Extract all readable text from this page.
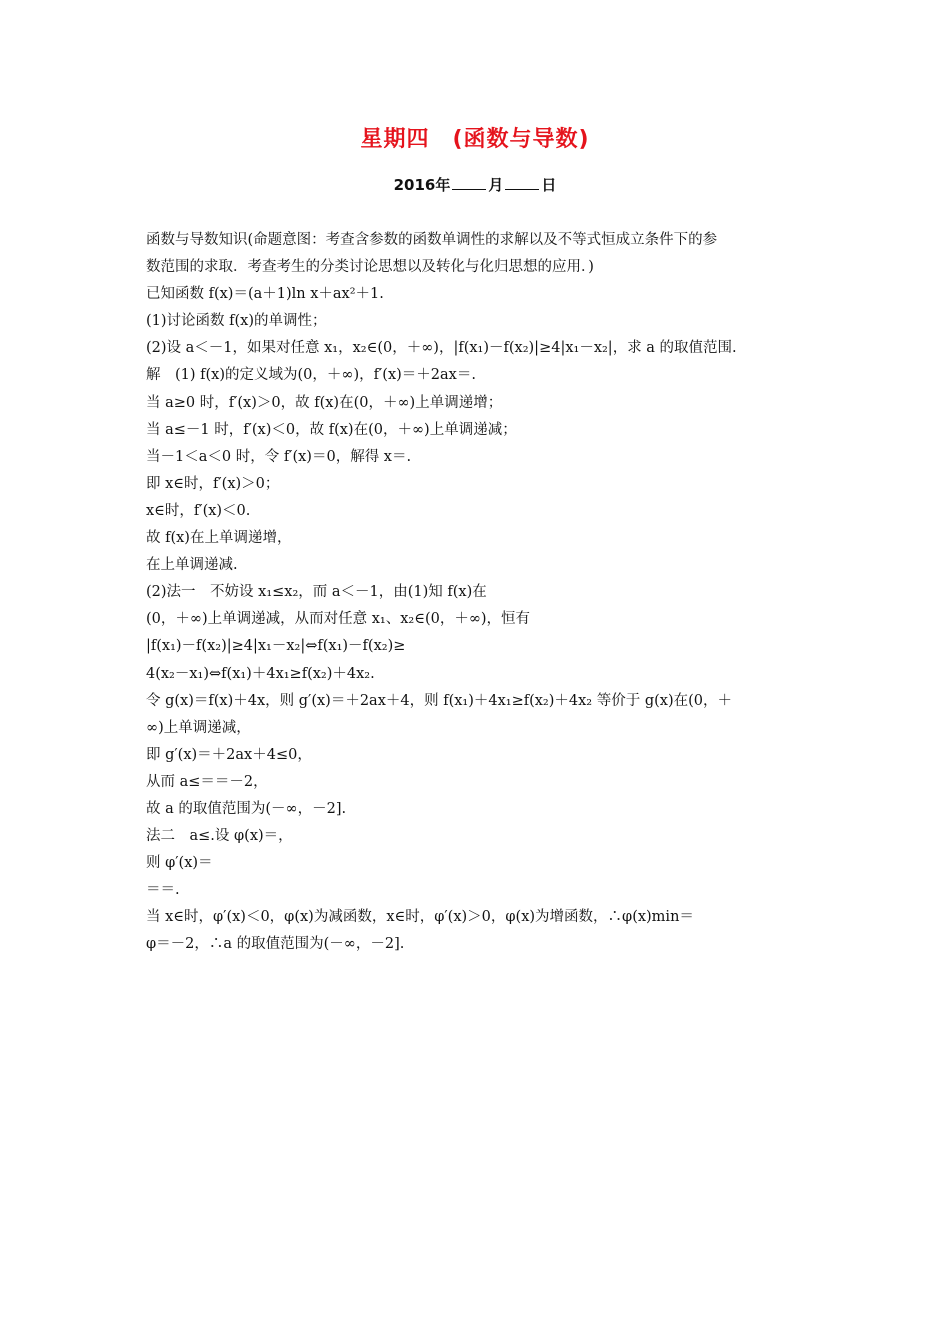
星期四　(函数与导数)
2016年	月	日
函数与导数知识(命题意图：考查含参数的函数单调性的求解以及不等式恒成立条件下的参
数范围的求取．考查考生的分类讨论思想以及转化与化归思想的应用．)
已知函数 f(x)＝(a＋1)ln x＋ax²＋1.
(1)讨论函数 f(x)的单调性；
(2)设 a＜－1，如果对任意 x₁，x₂∈(0，＋∞)，|f(x₁)－f(x₂)|≥4|x₁－x₂|，求 a 的取值范围.
解　(1) f(x)的定义域为(0，＋∞)，f′(x)＝＋2ax＝.
当 a≥0 时，f′(x)＞0，故 f(x)在(0，＋∞)上单调递增；
当 a≤－1 时，f′(x)＜0，故 f(x)在(0，＋∞)上单调递减；
当－1＜a＜0 时，令 f′(x)＝0，解得 x＝.
即 x∈时，f′(x)＞0；
x∈时，f′(x)＜0.
故 f(x)在上单调递增，
在上单调递减.
(2)法一　不妨设 x₁≤x₂，而 a＜－1，由(1)知 f(x)在
(0，＋∞)上单调递减，从而对任意 x₁、x₂∈(0，＋∞)，恒有
|f(x₁)－f(x₂)|≥4|x₁－x₂|⇔f(x₁)－f(x₂)≥
4(x₂－x₁)⇔f(x₁)＋4x₁≥f(x₂)＋4x₂.
令 g(x)＝f(x)＋4x，则 g′(x)＝＋2ax＋4，则 f(x₁)＋4x₁≥f(x₂)＋4x₂ 等价于 g(x)在(0，＋
∞)上单调递减，
即 g′(x)＝＋2ax＋4≤0，
从而 a≤＝＝－2，
故 a 的取值范围为(－∞，－2].
法二　a≤.设 φ(x)＝，
则 φ′(x)＝
＝＝.
当 x∈时，φ′(x)＜0，φ(x)为减函数，x∈时，φ′(x)＞0，φ(x)为增函数，∴φ(x)min＝
φ＝－2，∴a 的取值范围为(－∞，－2].
